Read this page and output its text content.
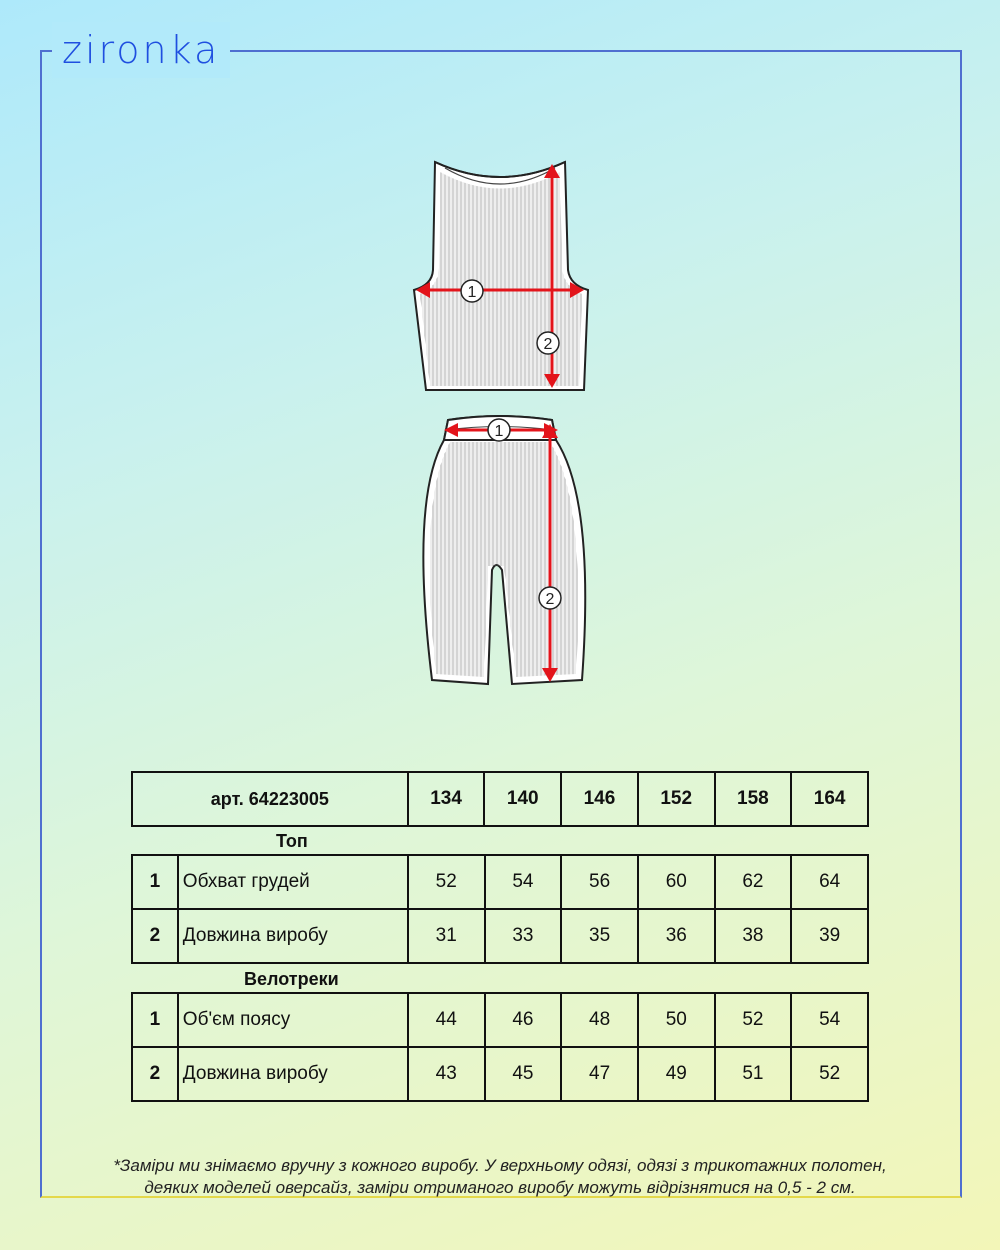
zironka
1
2
1
2
арт. 64223005	134	140	146	152	158	164
Топ
1	Обхват грудей	52	54	56	60	62	64
2	Довжина виробу	31	33	35	36	38	39
Велотреки
1	Об'єм поясу	44	46	48	50	52	54
2	Довжина виробу	43	45	47	49	51	52
*Заміри ми знімаємо вручну з кожного виробу. У верхньому одязі, одязі з трикотажних полотен,
деяких моделей оверсайз, заміри отриманого виробу можуть відрізнятися на 0,5 - 2 см.
